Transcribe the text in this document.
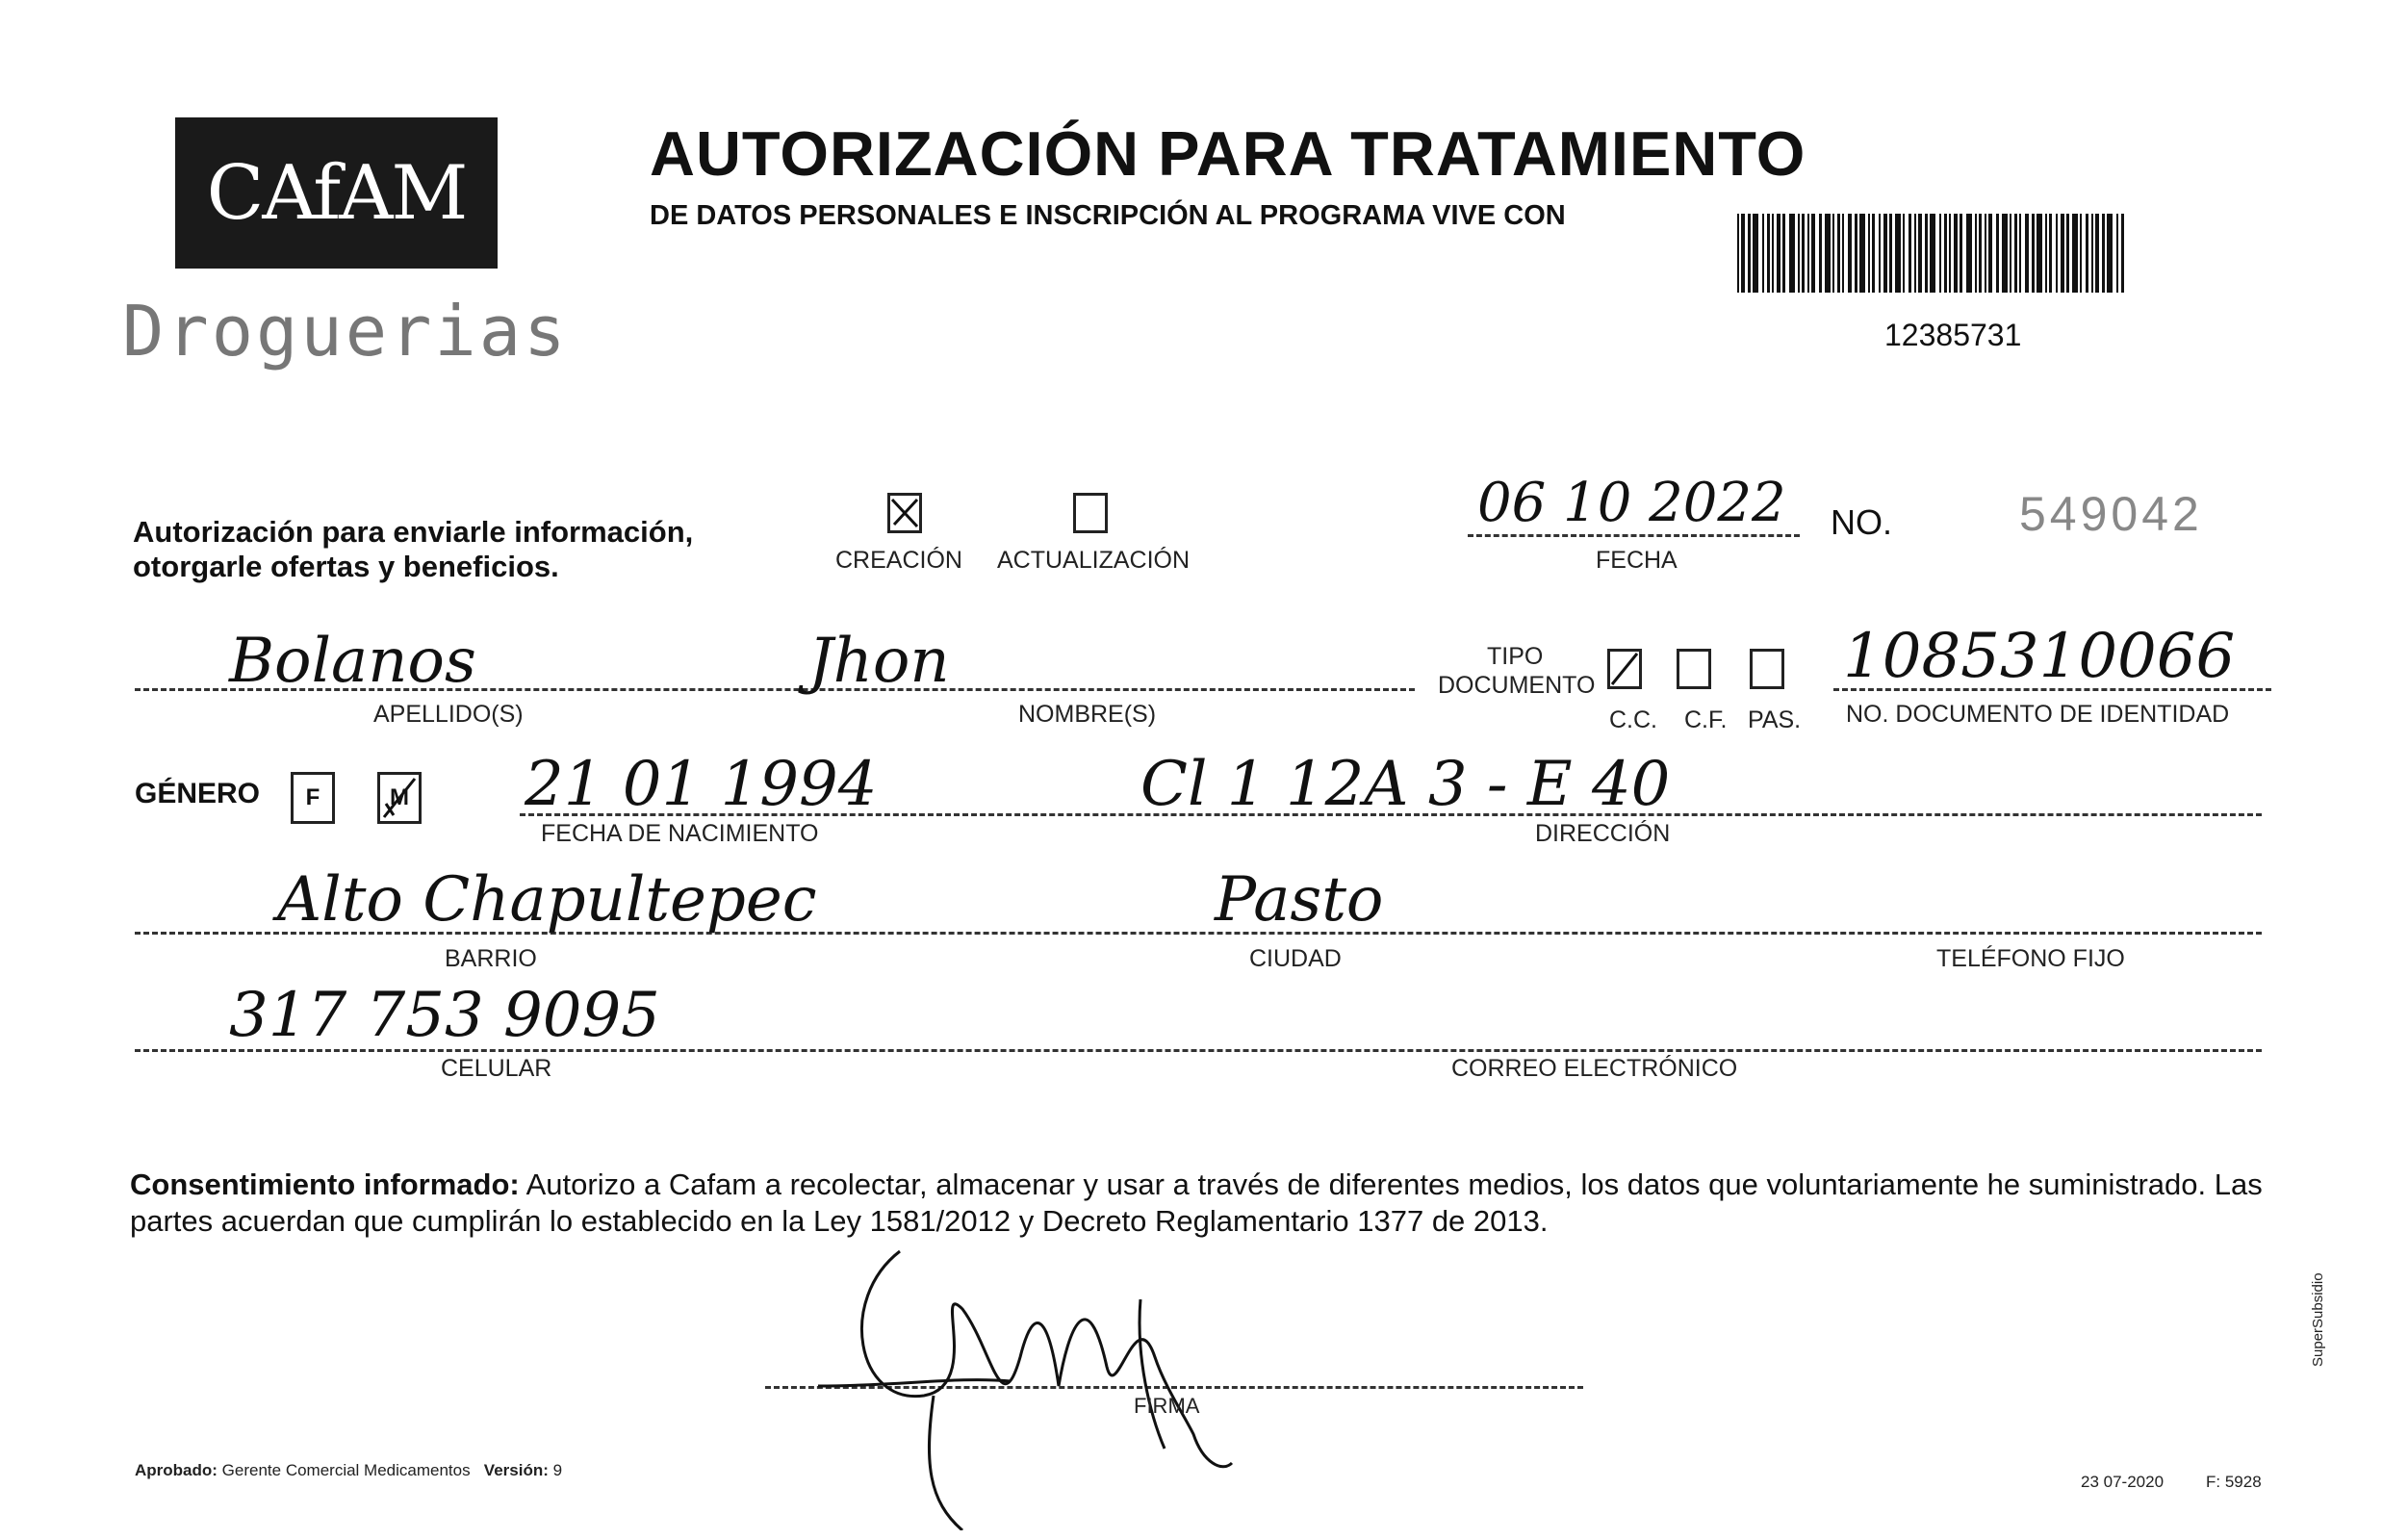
CAfAM
Droguerias
AUTORIZACIÓN PARA TRATAMIENTO
DE DATOS PERSONALES E INSCRIPCIÓN AL PROGRAMA VIVE CON
12385731
Autorización para enviarle información,
otorgarle ofertas y beneficios.	CREACIÓN ACTUALIZACIÓN
06 10 2022
FECHA
NO.	549042
Bolanos
APELLIDO(S)
Jhon
NOMBRE(S)
TIPO
DOCUMENTO
C.C. C.F. PAS.
1085310066
NO. DOCUMENTO DE IDENTIDAD
GÉNERO F	M 21 01 1994
FECHA DE NACIMIENTO
Cl 1 12A 3 - E 40
DIRECCIÓN
Alto Chapultepec
BARRIO
Pasto
CIUDAD	TELÉFONO FIJO
317 753 9095
CELULAR	CORREO ELECTRÓNICO
Consentimiento informado: Autorizo a Cafam a recolectar, almacenar y usar a través de diferentes medios, los datos que voluntariamente he suministrado. Las partes acuerdan que cumplirán lo establecido en la Ley 1581/2012 y Decreto Reglamentario 1377 de 2013.
FIRMA
Aprobado: Gerente Comercial Medicamentos Versión: 9
23 07-2020	F: 5928
SuperSubsidio
